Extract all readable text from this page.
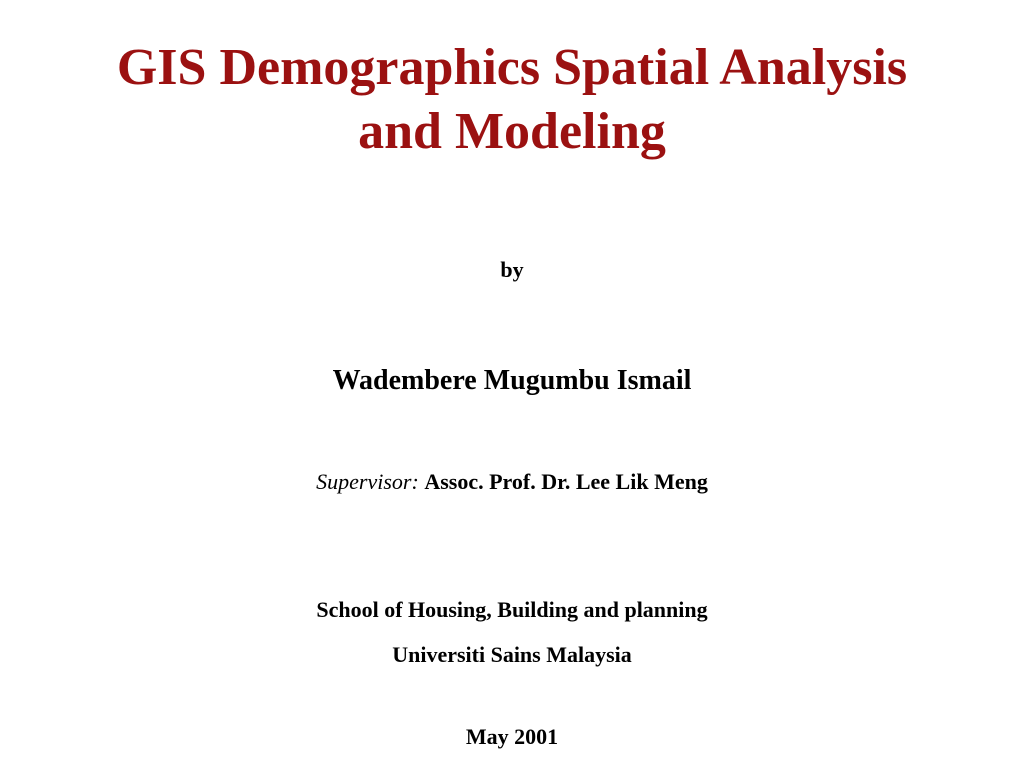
GIS Demographics Spatial Analysis
and Modeling
by
Wadembere Mugumbu Ismail
Supervisor: Assoc. Prof. Dr. Lee Lik Meng
School of Housing, Building and planning
Universiti Sains Malaysia
May 2001
